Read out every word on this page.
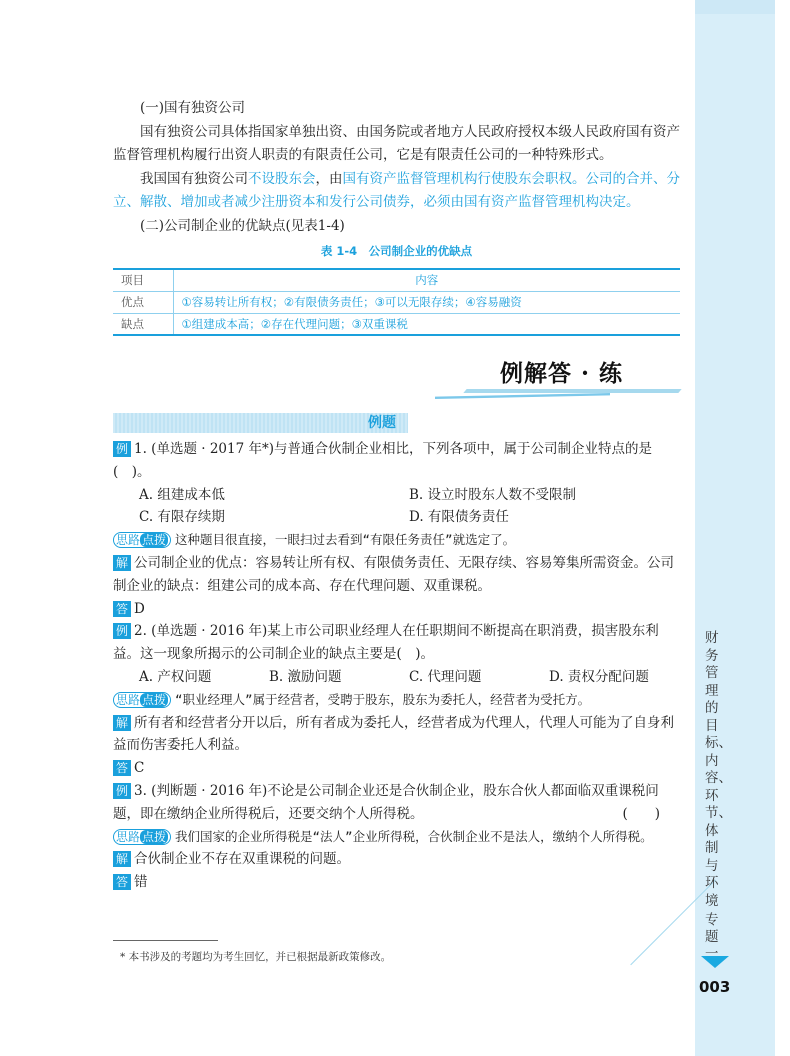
财务管理的目标、内容、环节、体制与环境
专题一
003
(一)国有独资公司
国有独资公司具体指国家单独出资、由国务院或者地方人民政府授权本级人民政府国有资产监督管理机构履行出资人职责的有限责任公司，它是有限责任公司的一种特殊形式。
我国国有独资公司不设股东会，由国有资产监督管理机构行使股东会职权。公司的合并、分立、解散、增加或者减少注册资本和发行公司债券，必须由国有资产监督管理机构决定。
(二)公司制企业的优缺点(见表1-4)
表 1-4　公司制企业的优缺点
项目	内容
优点	①容易转让所有权；②有限债务责任；③可以无限存续；④容易融资
缺点	①组建成本高；②存在代理问题；③双重课税
例解答 · 练
例题
例 1. (单选题 · 2017 年*)与普通合伙制企业相比，下列各项中，属于公司制企业特点的是(　)。
A. 组建成本低	B. 设立时股东人数不受限制
C. 有限存续期	D. 有限债务责任
思路 点拨 这种题目很直接，一眼扫过去看到“有限任务责任”就选定了。
解 公司制企业的优点：容易转让所有权、有限债务责任、无限存续、容易筹集所需资金。公司制企业的缺点：组建公司的成本高、存在代理问题、双重课税。
答 D
例 2. (单选题 · 2016 年)某上市公司职业经理人在任职期间不断提高在职消费，损害股东利益。这一现象所揭示的公司制企业的缺点主要是(　)。
A. 产权问题	B. 激励问题	C. 代理问题	D. 责权分配问题
思路 点拨 “职业经理人”属于经营者，受聘于股东，股东为委托人，经营者为受托方。
解 所有者和经营者分开以后，所有者成为委托人，经营者成为代理人，代理人可能为了自身利益而伤害委托人利益。
答 C
例 3. (判断题 · 2016 年)不论是公司制企业还是合伙制企业，股东合伙人都面临双重课税问题，即在缴纳企业所得税后，还要交纳个人所得税。	(　　)
思路 点拨 我们国家的企业所得税是“法人”企业所得税，合伙制企业不是法人，缴纳个人所得税。
解 合伙制企业不存在双重课税的问题。
答 错
* 本书涉及的考题均为考生回忆，并已根据最新政策修改。
